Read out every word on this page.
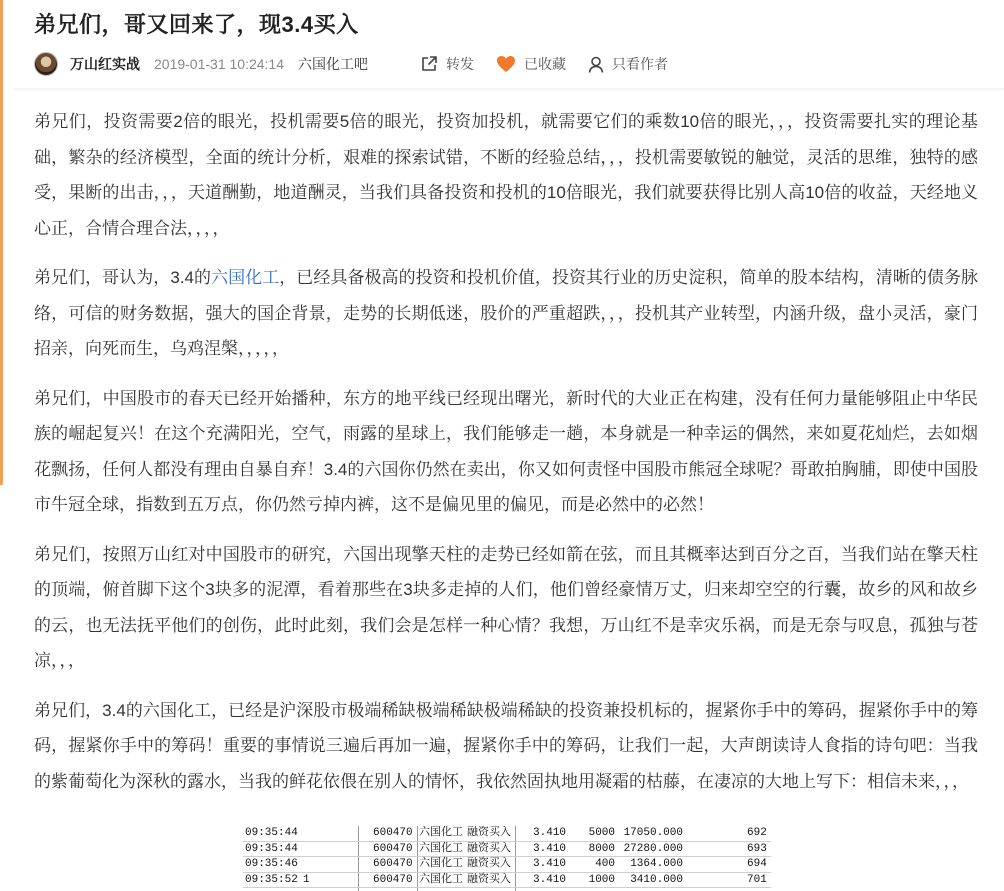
弟兄们，哥又回来了，现3.4买入
万山红实战 2019-01-31 10:24:14 六国化工吧	转发	已收藏	只看作者

弟兄们，投资需要2倍的眼光，投机需要5倍的眼光，投资加投机，就需要它们的乘数10倍的眼光，，，投资需要扎实的理论基础，繁杂的经济模型，全面的统计分析，艰难的探索试错，不断的经验总结，，，投机需要敏锐的触觉，灵活的思维，独特的感受，果断的出击，，，天道酬勤，地道酬灵，当我们具备投资和投机的10倍眼光，我们就要获得比别人高10倍的收益，天经地义心正，合情合理合法，，，，

弟兄们，哥认为，3.4的六国化工，已经具备极高的投资和投机价值，投资其行业的历史淀积，简单的股本结构，清晰的债务脉络，可信的财务数据，强大的国企背景，走势的长期低迷，股价的严重超跌，，，投机其产业转型，内涵升级，盘小灵活，豪门招亲，向死而生，乌鸡涅槃，，，，，

弟兄们，中国股市的春天已经开始播种，东方的地平线已经现出曙光，新时代的大业正在构建，没有任何力量能够阻止中华民族的崛起复兴！在这个充满阳光，空气，雨露的星球上，我们能够走一趟，本身就是一种幸运的偶然，来如夏花灿烂，去如烟花飘扬，任何人都没有理由自暴自弃！3.4的六国你仍然在卖出，你又如何责怪中国股市熊冠全球呢？哥敢拍胸脯，即使中国股市牛冠全球，指数到五万点，你仍然亏掉内裤，这不是偏见里的偏见，而是必然中的必然！

弟兄们，按照万山红对中国股市的研究，六国出现擎天柱的走势已经如箭在弦，而且其概率达到百分之百，当我们站在擎天柱的顶端，俯首脚下这个3块多的泥潭，看着那些在3块多走掉的人们，他们曾经豪情万丈，归来却空空的行囊，故乡的风和故乡的云，也无法抚平他们的创伤，此时此刻，我们会是怎样一种心情？我想，万山红不是幸灾乐祸，而是无奈与叹息，孤独与苍凉，，，

弟兄们，3.4的六国化工，已经是沪深股市极端稀缺极端稀缺极端稀缺的投资兼投机标的，握紧你手中的筹码，握紧你手中的筹码，握紧你手中的筹码！重要的事情说三遍后再加一遍，握紧你手中的筹码，让我们一起，大声朗读诗人食指的诗句吧：当我的紫葡萄化为深秋的露水，当我的鲜花依偎在别人的情怀，我依然固执地用凝霜的枯藤，在凄凉的大地上写下：相信未来，，，

09:35:44	600470 六国化工 融资买入 3.410	5000 17050.000	692
09:35:44	600470 六国化工 融资买入 3.410	8000 27280.000	693
09:35:46	600470 六国化工 融资买入 3.410	400	1364.000	694
09:35:52 1	600470 六国化工 融资买入 3.410	1000	3410.000	701
